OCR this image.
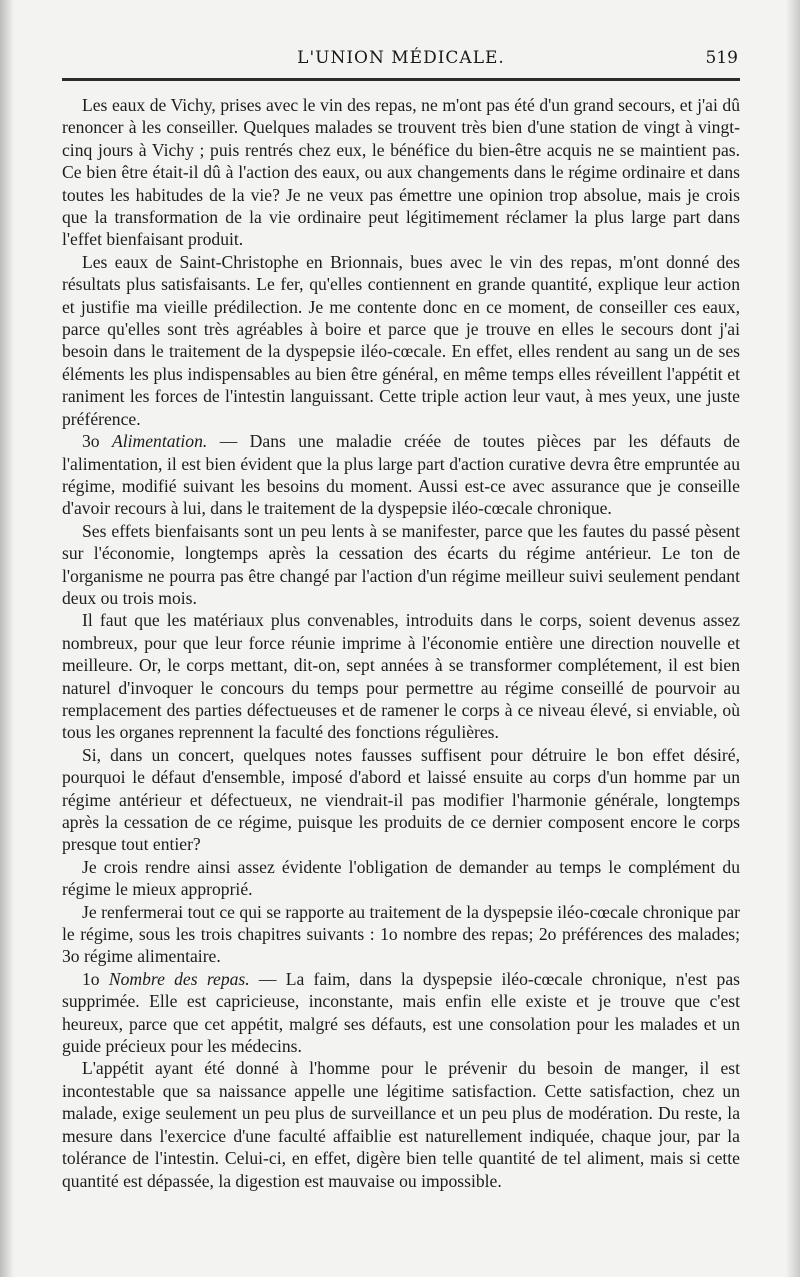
L'UNION MÉDICALE.	519

Les eaux de Vichy, prises avec le vin des repas, ne m'ont pas été d'un grand secours, et j'ai dû renoncer à les conseiller. Quelques malades se trouvent très bien d'une station de vingt à vingt-cinq jours à Vichy ; puis rentrés chez eux, le bénéfice du bien-être acquis ne se maintient pas. Ce bien être était-il dû à l'action des eaux, ou aux changements dans le régime ordinaire et dans toutes les habitudes de la vie? Je ne veux pas émettre une opinion trop absolue, mais je crois que la transformation de la vie ordinaire peut légitimement réclamer la plus large part dans l'effet bienfaisant produit.

Les eaux de Saint-Christophe en Brionnais, bues avec le vin des repas, m'ont donné des résultats plus satisfaisants. Le fer, qu'elles contiennent en grande quantité, explique leur action et justifie ma vieille prédilection. Je me contente donc en ce moment, de conseiller ces eaux, parce qu'elles sont très agréables à boire et parce que je trouve en elles le secours dont j'ai besoin dans le traitement de la dyspepsie iléo-cœcale. En effet, elles rendent au sang un de ses éléments les plus indispensables au bien être général, en même temps elles réveillent l'appétit et raniment les forces de l'intestin languissant. Cette triple action leur vaut, à mes yeux, une juste préférence.

3o Alimentation. — Dans une maladie créée de toutes pièces par les défauts de l'alimentation, il est bien évident que la plus large part d'action curative devra être empruntée au régime, modifié suivant les besoins du moment. Aussi est-ce avec assurance que je conseille d'avoir recours à lui, dans le traitement de la dyspepsie iléo-cœcale chronique.

Ses effets bienfaisants sont un peu lents à se manifester, parce que les fautes du passé pèsent sur l'économie, longtemps après la cessation des écarts du régime antérieur. Le ton de l'organisme ne pourra pas être changé par l'action d'un régime meilleur suivi seulement pendant deux ou trois mois.

Il faut que les matériaux plus convenables, introduits dans le corps, soient devenus assez nombreux, pour que leur force réunie imprime à l'économie entière une direction nouvelle et meilleure. Or, le corps mettant, dit-on, sept années à se transformer complétement, il est bien naturel d'invoquer le concours du temps pour permettre au régime conseillé de pourvoir au remplacement des parties défectueuses et de ramener le corps à ce niveau élevé, si enviable, où tous les organes reprennent la faculté des fonctions régulières.

Si, dans un concert, quelques notes fausses suffisent pour détruire le bon effet désiré, pourquoi le défaut d'ensemble, imposé d'abord et laissé ensuite au corps d'un homme par un régime antérieur et défectueux, ne viendrait-il pas modifier l'harmonie générale, longtemps après la cessation de ce régime, puisque les produits de ce dernier composent encore le corps presque tout entier?

Je crois rendre ainsi assez évidente l'obligation de demander au temps le complément du régime le mieux approprié.

Je renfermerai tout ce qui se rapporte au traitement de la dyspepsie iléo-cœcale chronique par le régime, sous les trois chapitres suivants : 1o nombre des repas; 2o préférences des malades; 3o régime alimentaire.

1o Nombre des repas. — La faim, dans la dyspepsie iléo-cœcale chronique, n'est pas supprimée. Elle est capricieuse, inconstante, mais enfin elle existe et je trouve que c'est heureux, parce que cet appétit, malgré ses défauts, est une consolation pour les malades et un guide précieux pour les médecins.

L'appétit ayant été donné à l'homme pour le prévenir du besoin de manger, il est incontestable que sa naissance appelle une légitime satisfaction. Cette satisfaction, chez un malade, exige seulement un peu plus de surveillance et un peu plus de modération. Du reste, la mesure dans l'exercice d'une faculté affaiblie est naturellement indiquée, chaque jour, par la tolérance de l'intestin. Celui-ci, en effet, digère bien telle quantité de tel aliment, mais si cette quantité est dépassée, la digestion est mauvaise ou impossible.
